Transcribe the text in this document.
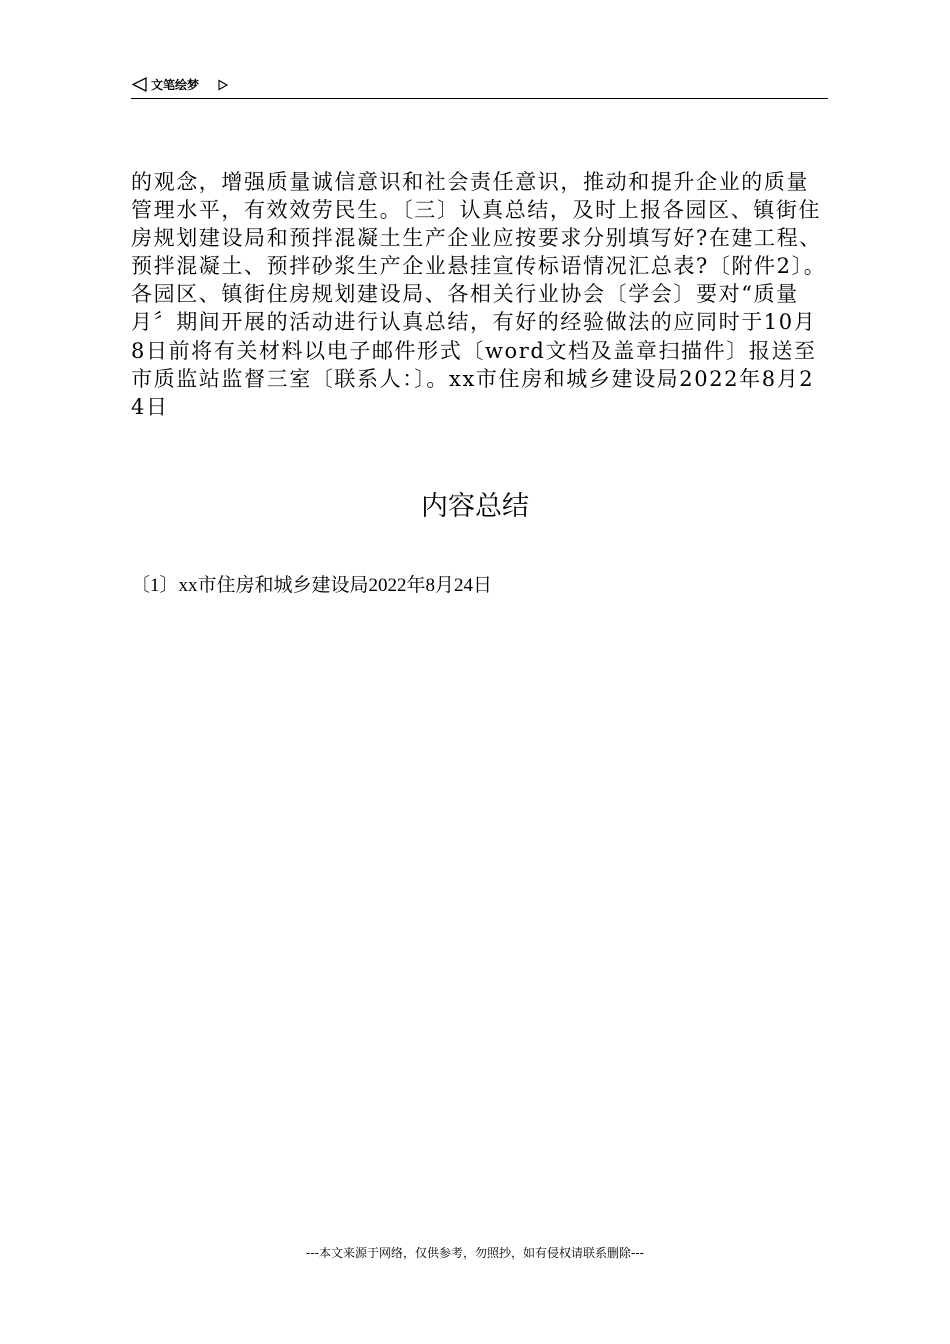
文笔绘梦

的观念，增强质量诚信意识和社会责任意识，推动和提升企业的质量管理水平，有效效劳民生。〔三〕认真总结，及时上报各园区、镇街住房规划建设局和预拌混凝土生产企业应按要求分别填写好?在建工程、预拌混凝土、预拌砂浆生产企业悬挂宣传标语情况汇总表?〔附件2〕。各园区、镇街住房规划建设局、各相关行业协会〔学会〕要对“质量月〞期间开展的活动进行认真总结，有好的经验做法的应同时于10月8日前将有关材料以电子邮件形式〔word文档及盖章扫描件〕报送至市质监站监督三室〔联系人：〕。xx市住房和城乡建设局2022年8月24日

内容总结

〔1〕xx市住房和城乡建设局2022年8月24日

---本文来源于网络，仅供参考，勿照抄，如有侵权请联系删除---
